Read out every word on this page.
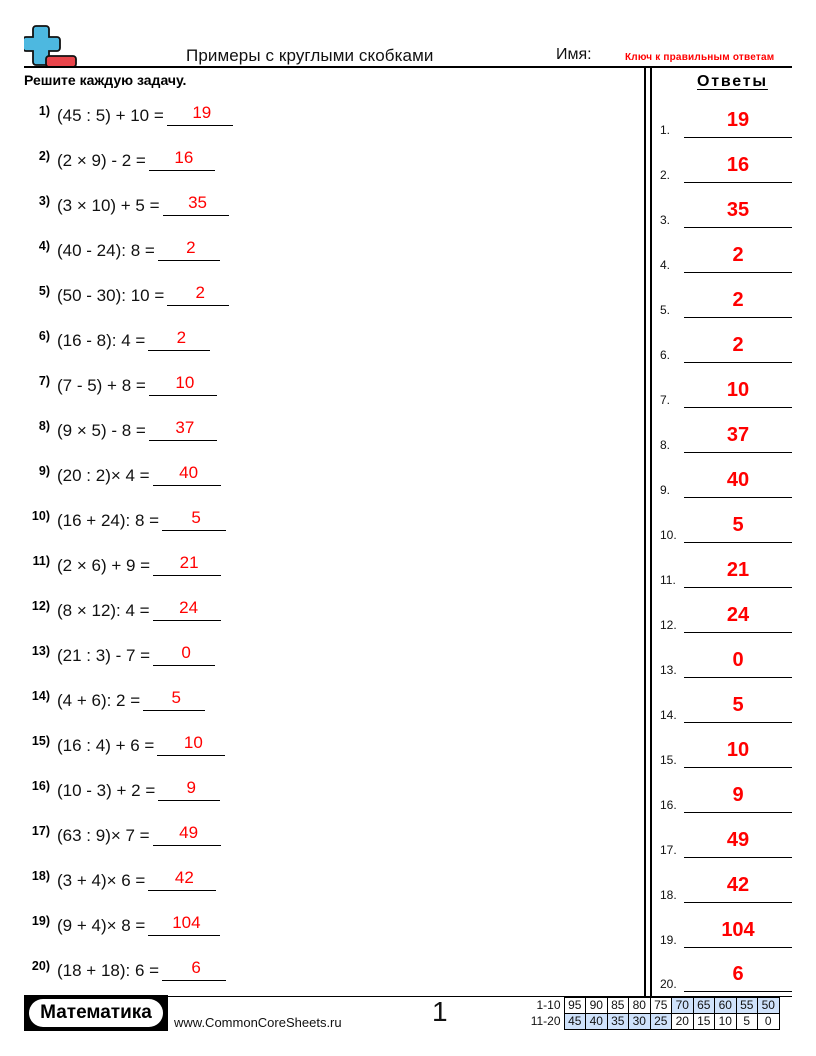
Примеры с круглыми скобками	Имя:	Ключ к правильным ответам
Решите каждую задачу.	Ответы
1) (45 : 5) + 10 =	19
2) (2 × 9) - 2 =	16
3) (3 × 10) + 5 =	35
4) (40 - 24): 8 =	2
5) (50 - 30): 10 =	2
6) (16 - 8): 4 =	2
7) (7 - 5) + 8 =	10
8) (9 × 5) - 8 =	37
9) (20 : 2)× 4 =	40
10) (16 + 24): 8 =	5
11) (2 × 6) + 9 =	21
12) (8 × 12): 4 =	24
13) (21 : 3) - 7 =	0
14) (4 + 6): 2 =	5
15) (16 : 4) + 6 =	10
16) (10 - 3) + 2 =	9
17) (63 : 9)× 7 =	49
18) (3 + 4)× 6 =	42
19) (9 + 4)× 8 =	104
20) (18 + 18): 6 =	6
1.	19
2.	16
3.	35
4.	2
5.	2
6.	2
7.	10
8.	37
9.	40
10.	5
11.	21
12.	24
13.	0
14.	5
15.	10
16.	9
17.	49
18.	42
19.	104
20.	6
Математика	www.CommonCoreSheets.ru	1	1-10	95	90	85	80	75	70	65	60	55	50
11-20	45	40	35	30	25	20	15	10	5	0
